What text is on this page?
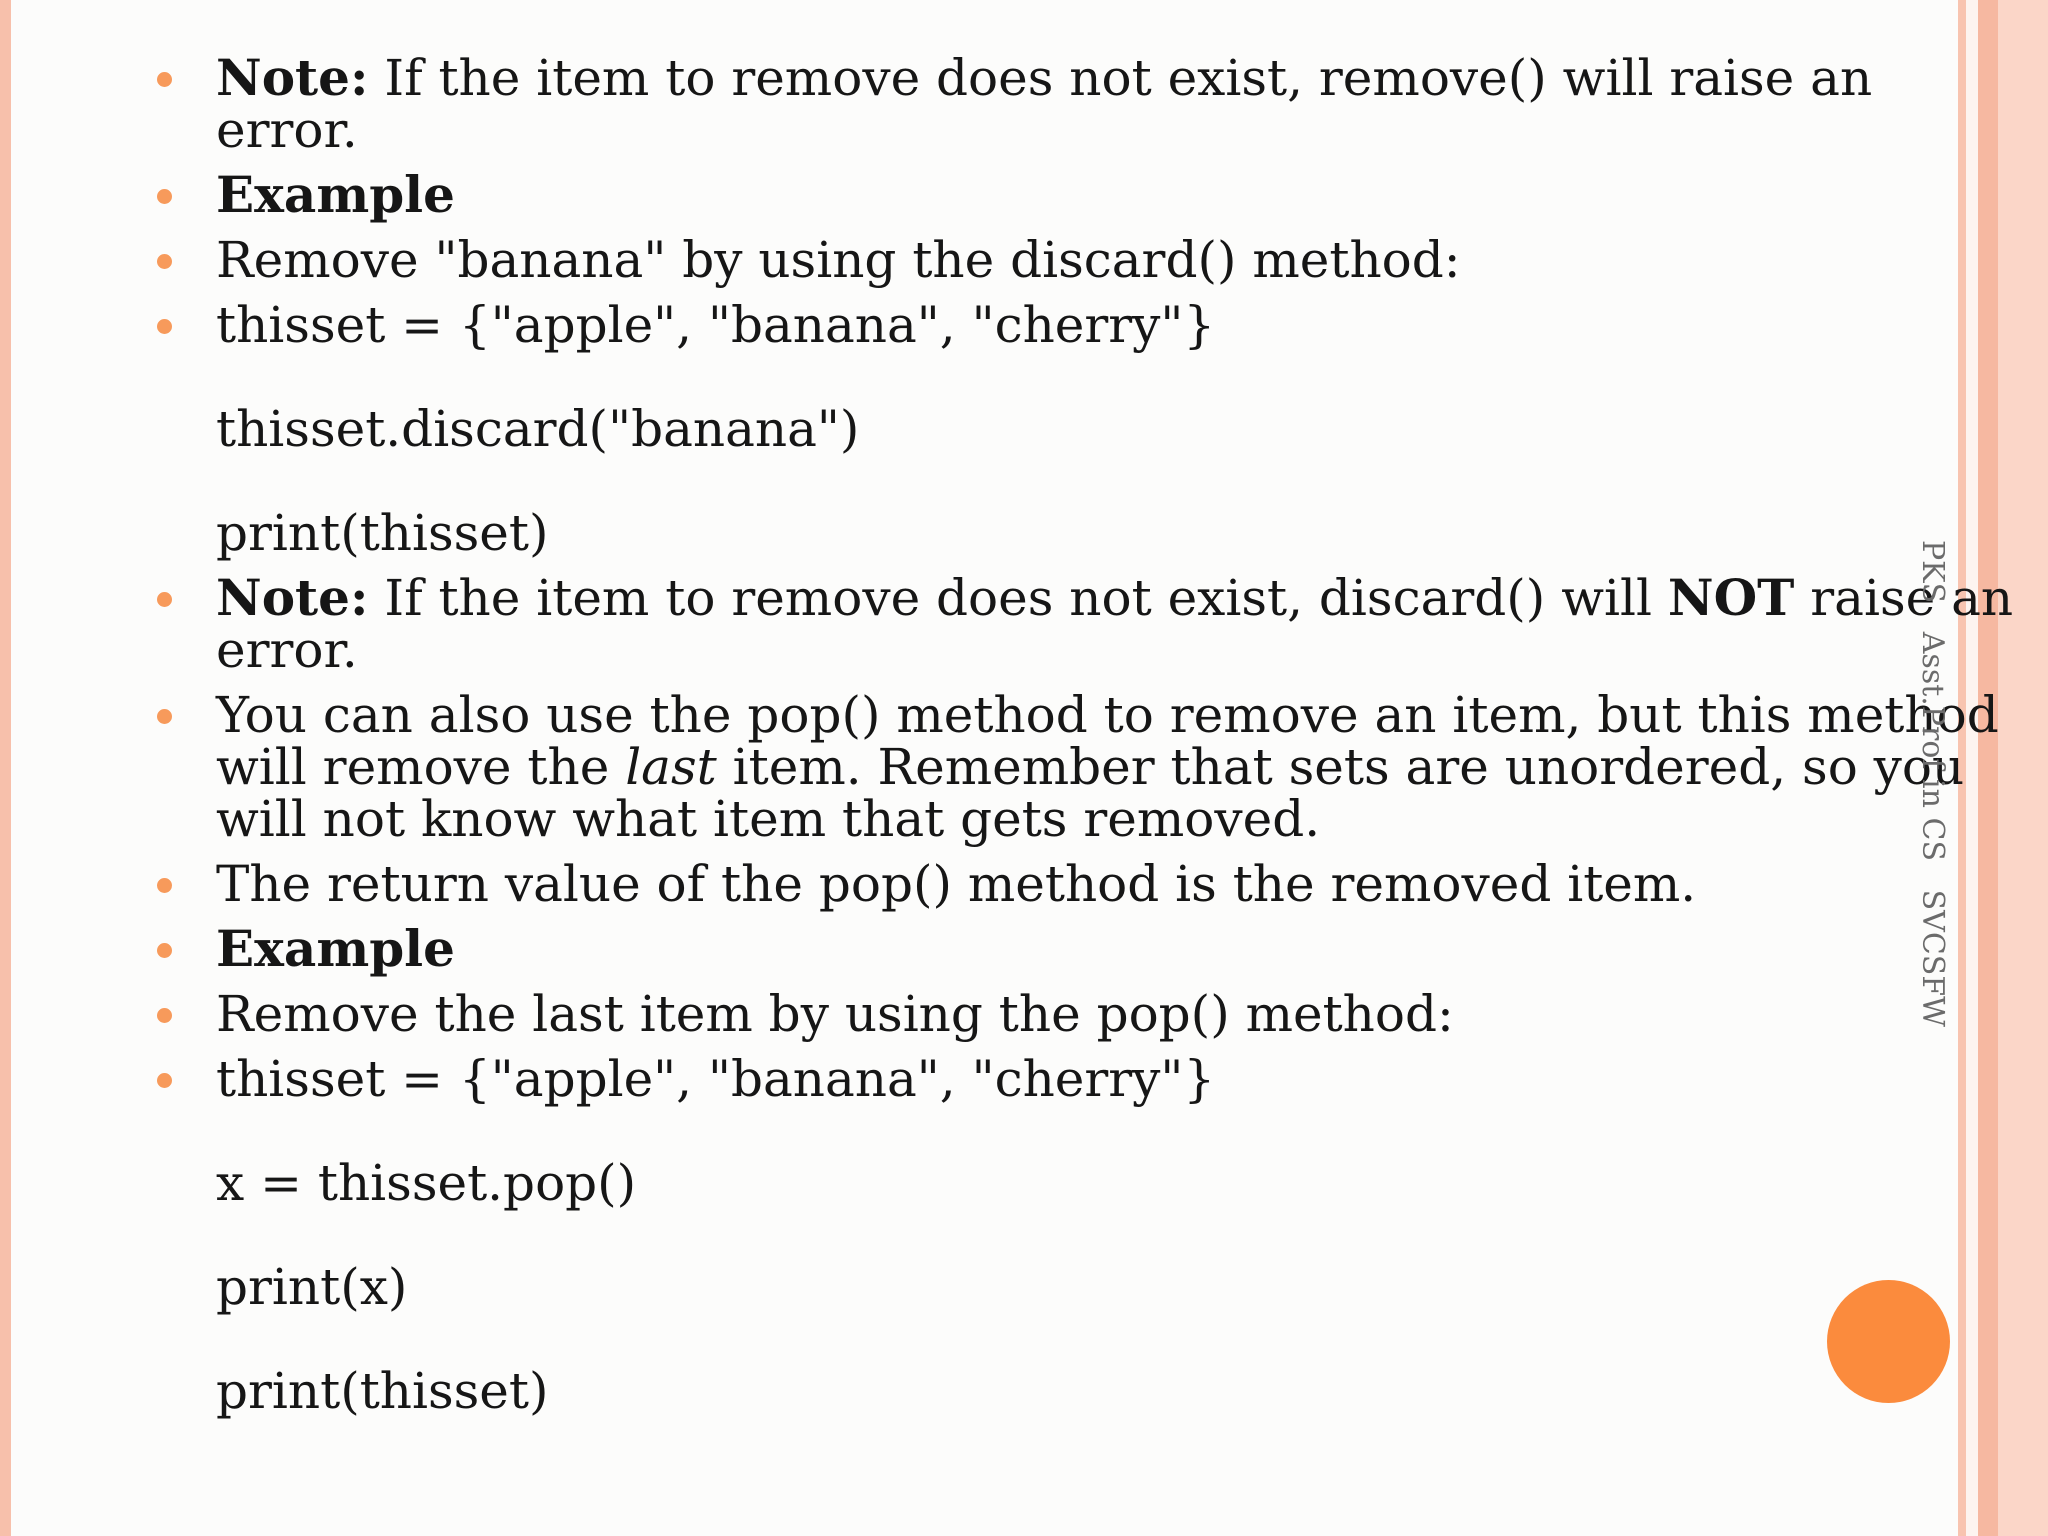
Note: If the item to remove does not exist, remove() will raise an
error.
Example
Remove "banana" by using the discard() method:
thisset = {"apple", "banana", "cherry"}
thisset.discard("banana")
print(thisset)
Note: If the item to remove does not exist, discard() will NOT raise an
error.
You can also use the pop() method to remove an item, but this method
will remove the last item. Remember that sets are unordered, so you
will not know what item that gets removed.
The return value of the pop() method is the removed item.
Example
Remove the last item by using the pop() method:
thisset = {"apple", "banana", "cherry"}
x = thisset.pop()
print(x)
print(thisset)
PKS   Asst.Prof in CS   SVCSFW
